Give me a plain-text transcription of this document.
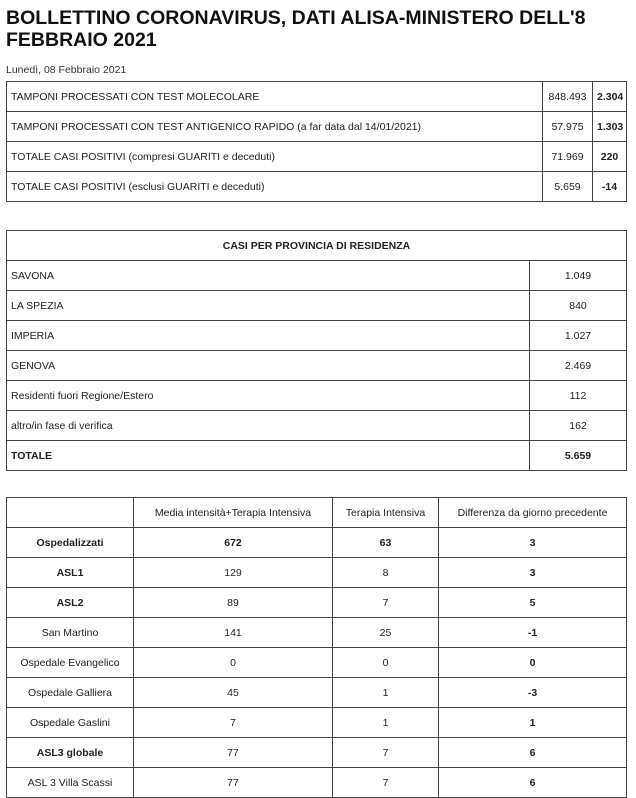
BOLLETTINO CORONAVIRUS, DATI ALISA-MINISTERO DELL'8 FEBBRAIO 2021
Lunedì, 08 Febbraio 2021
TAMPONI PROCESSATI CON TEST MOLECOLARE	848.493	2.304
TAMPONI PROCESSATI CON TEST ANTIGENICO RAPIDO (a far data dal 14/01/2021)	57.975	1.303
TOTALE CASI POSITIVI (compresi GUARITI e deceduti)	71.969	220
TOTALE CASI POSITIVI (esclusi GUARITI e deceduti)	5.659	-14
CASI PER PROVINCIA DI RESIDENZA	
SAVONA	1.049
LA SPEZIA	840
IMPERIA	1.027
GENOVA	2.469
Residenti fuori Regione/Estero	112
altro/in fase di verifica	162
TOTALE	5.659
	Media intensità+Terapia Intensiva	Terapia Intensiva	Differenza da giorno precedente
Ospedalizzati	672	63	3
ASL1	129	8	3
ASL2	89	7	5
San Martino	141	25	-1
Ospedale Evangelico	0	0	0
Ospedale Galliera	45	1	-3
Ospedale Gaslini	7	1	1
ASL3 globale	77	7	6
ASL 3 Villa Scassi	77	7	6
